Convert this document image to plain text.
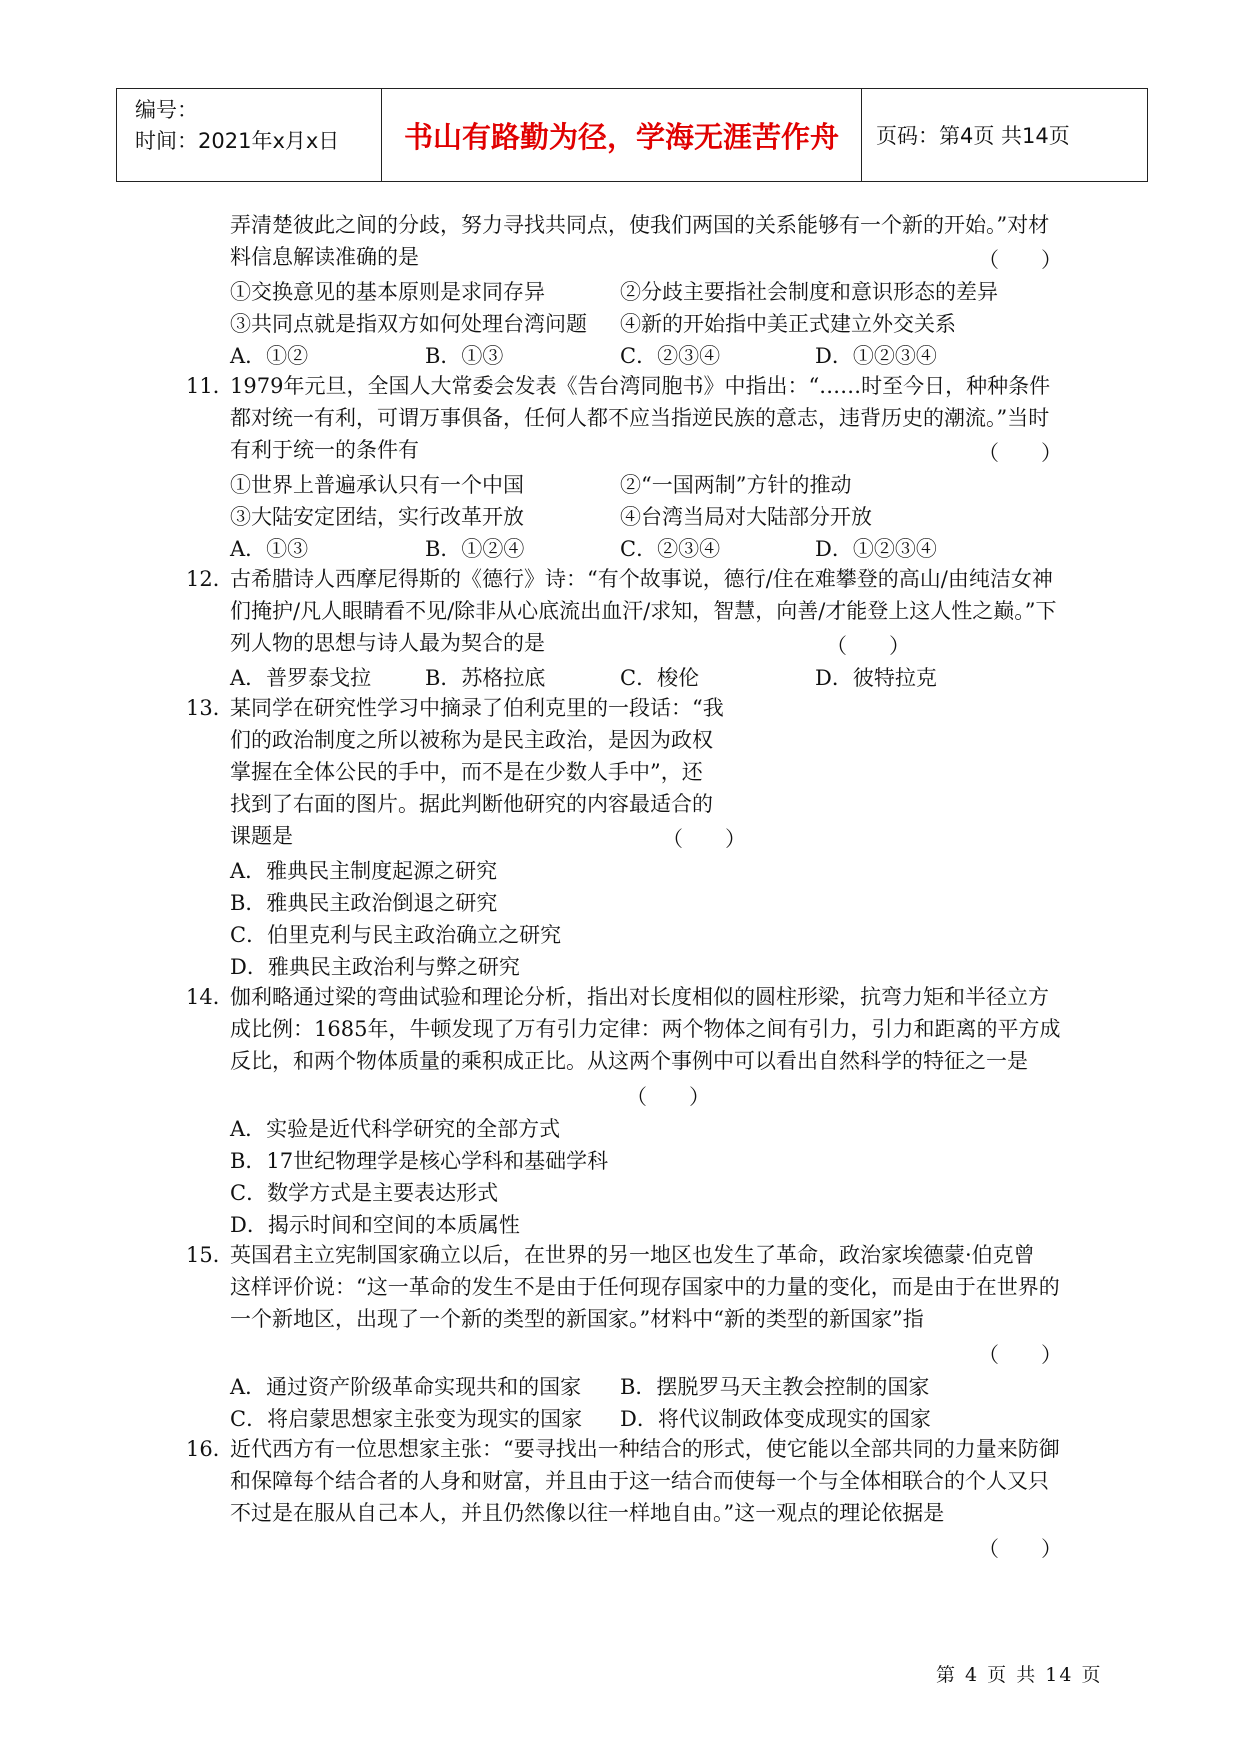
编号：
时间：2021年x月x日	书山有路勤为径，学海无涯苦作舟	页码：第4页 共14页
弄清楚彼此之间的分歧，努力寻找共同点，使我们两国的关系能够有一个新的开始。”对材
料信息解读准确的是	（　　）
①交换意见的基本原则是求同存异	②分歧主要指社会制度和意识形态的差异
③共同点就是指双方如何处理台湾问题 ④新的开始指中美正式建立外交关系
A．①②	B．①③	C．②③④	D．①②③④
11．
1979年元旦，全国人大常委会发表《告台湾同胞书》中指出：“……时至今日，种种条件
都对统一有利，可谓万事俱备，任何人都不应当指逆民族的意志，违背历史的潮流。”当时
有利于统一的条件有	（　　）
①世界上普遍承认只有一个中国	②“一国两制”方针的推动
③大陆安定团结，实行改革开放	④台湾当局对大陆部分开放
A．①③	B．①②④	C．②③④	D．①②③④
12．
古希腊诗人西摩尼得斯的《德行》诗：“有个故事说，德行/住在难攀登的高山/由纯洁女神
们掩护/凡人眼睛看不见/除非从心底流出血汗/求知，智慧，向善/才能登上这人性之巅。”下
列人物的思想与诗人最为契合的是	（　　）
A．普罗泰戈拉	B．苏格拉底	C．梭伦	D．彼特拉克
13．
某同学在研究性学习中摘录了伯利克里的一段话：“我
们的政治制度之所以被称为是民主政治，是因为政权
掌握在全体公民的手中，而不是在少数人手中”，还
找到了右面的图片。据此判断他研究的内容最适合的
课题是	（　　）
A．雅典民主制度起源之研究
B．雅典民主政治倒退之研究
C．伯里克利与民主政治确立之研究
D．雅典民主政治利与弊之研究
14．
伽利略通过梁的弯曲试验和理论分析，指出对长度相似的圆柱形梁，抗弯力矩和半径立方
成比例：1685年，牛顿发现了万有引力定律：两个物体之间有引力，引力和距离的平方成
反比，和两个物体质量的乘积成正比。从这两个事例中可以看出自然科学的特征之一是
（　　）
A．实验是近代科学研究的全部方式
B．17世纪物理学是核心学科和基础学科
C．数学方式是主要表达形式
D．揭示时间和空间的本质属性
15．
英国君主立宪制国家确立以后，在世界的另一地区也发生了革命，政治家埃德蒙·伯克曾
这样评价说：“这一革命的发生不是由于任何现存国家中的力量的变化，而是由于在世界的
一个新地区，出现了一个新的类型的新国家。”材料中“新的类型的新国家”指
（　　）
A．通过资产阶级革命实现共和的国家 B．摆脱罗马天主教会控制的国家
C．将启蒙思想家主张变为现实的国家 D．将代议制政体变成现实的国家
16．
近代西方有一位思想家主张：“要寻找出一种结合的形式，使它能以全部共同的力量来防御
和保障每个结合者的人身和财富，并且由于这一结合而使每一个与全体相联合的个人又只
不过是在服从自己本人，并且仍然像以往一样地自由。”这一观点的理论依据是
（　　）
第 4 页 共 14 页
